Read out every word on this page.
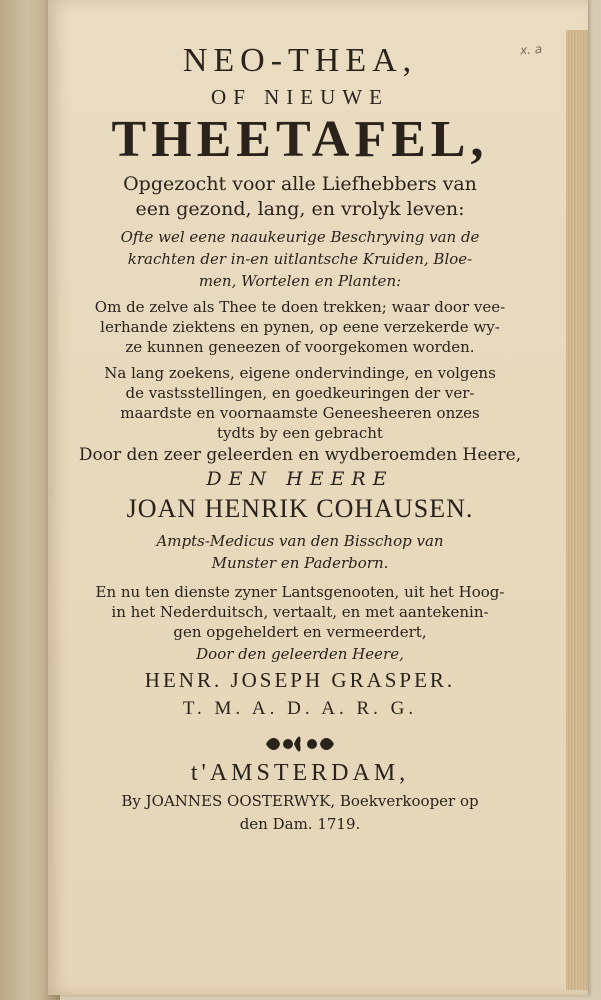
x. a
NEO-THEA,
OF NIEUWE
THEETAFEL,
Opgezocht voor alle Liefhebbers van
een gezond, lang, en vrolyk leven:
Ofte wel eene naaukeurige Beschryving van de
krachten der in-en uitlantsche Kruiden, Bloe-
men, Wortelen en Planten:
Om de zelve als Thee te doen trekken; waar door vee-
lerhande ziektens en pynen, op eene verzekerde wy-
ze kunnen geneezen of voorgekomen worden.
Na lang zoekens, eigene ondervindinge, en volgens
de vastsstellingen, en goedkeuringen der ver-
maardste en voornaamste Geneesheeren onzes
tydts by een gebracht
Door den zeer geleerden en wydberoemden Heere,
DEN HEERE
JOAN HENRIK COHAUSEN.
Ampts-Medicus van den Bisschop van
Munster en Paderborn.
En nu ten dienste zyner Lantsgenooten, uit het Hoog-
in het Nederduitsch, vertaalt, en met aantekenin-
gen opgeheldert en vermeerdert,
Door den geleerden Heere,
HENR. JOSEPH GRASPER.
T. M. A. D. A. R. G.
t'AMSTERDAM,
By JOANNES OOSTERWYK, Boekverkooper op
den Dam. 1719.
